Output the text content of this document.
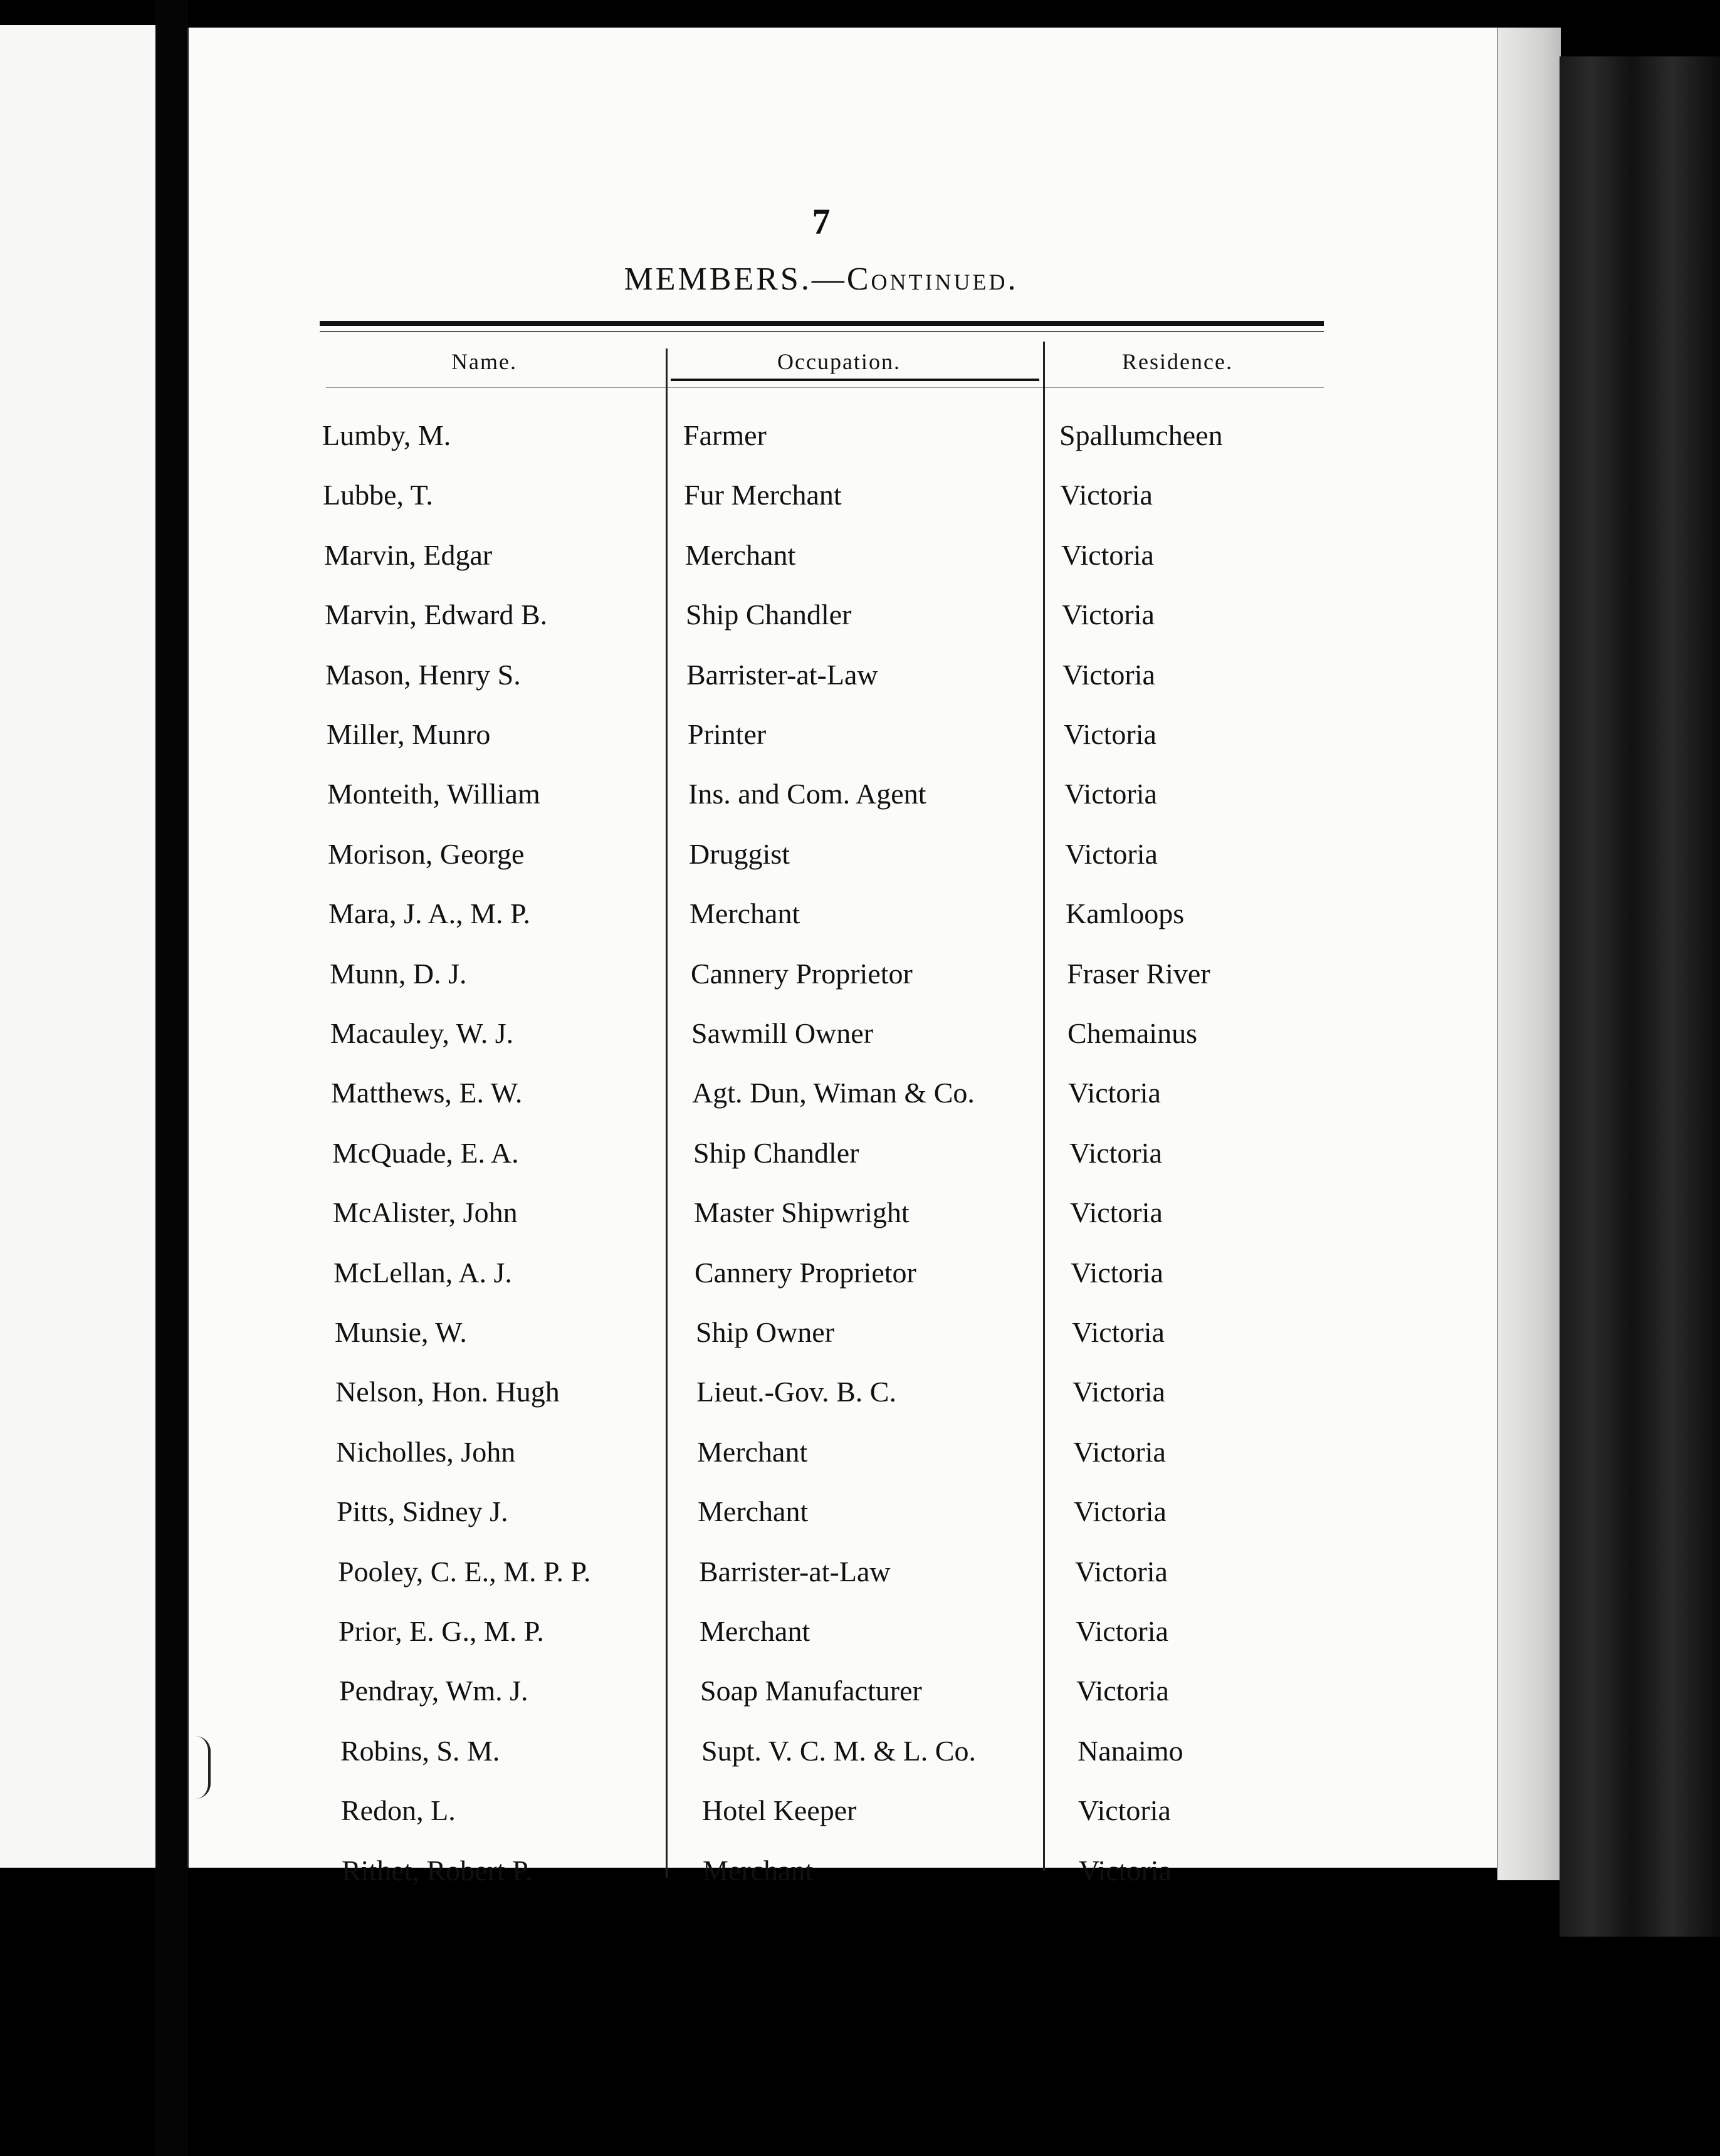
7
MEMBERS.—Continued.
Name.	Occupation.	Residence.
Lumby, M.	Farmer	Spallumcheen
Lubbe, T.	Fur Merchant	Victoria
Marvin, Edgar	Merchant	Victoria
Marvin, Edward B.	Ship Chandler	Victoria
Mason, Henry S.	Barrister-at-Law	Victoria
Miller, Munro	Printer	Victoria
Monteith, William	Ins. and Com. Agent	Victoria
Morison, George	Druggist	Victoria
Mara, J. A., M. P.	Merchant	Kamloops
Munn, D. J.	Cannery Proprietor	Fraser River
Macauley, W. J.	Sawmill Owner	Chemainus
Matthews, E. W.	Agt. Dun, Wiman & Co.	Victoria
McQuade, E. A.	Ship Chandler	Victoria
McAlister, John	Master Shipwright	Victoria
McLellan, A. J.	Cannery Proprietor	Victoria
Munsie, W.	Ship Owner	Victoria
Nelson, Hon. Hugh	Lieut.-Gov. B. C.	Victoria
Nicholles, John	Merchant	Victoria
Pitts, Sidney J.	Merchant	Victoria
Pooley, C. E., M. P. P.	Barrister-at-Law	Victoria
Prior, E. G., M. P.	Merchant	Victoria
Pendray, Wm. J.	Soap Manufacturer	Victoria
Robins, S. M.	Supt. V. C. M. & L. Co.	Nanaimo
Redon, L.	Hotel Keeper	Victoria
Rithet, Robert P.	Merchant	Victoria
